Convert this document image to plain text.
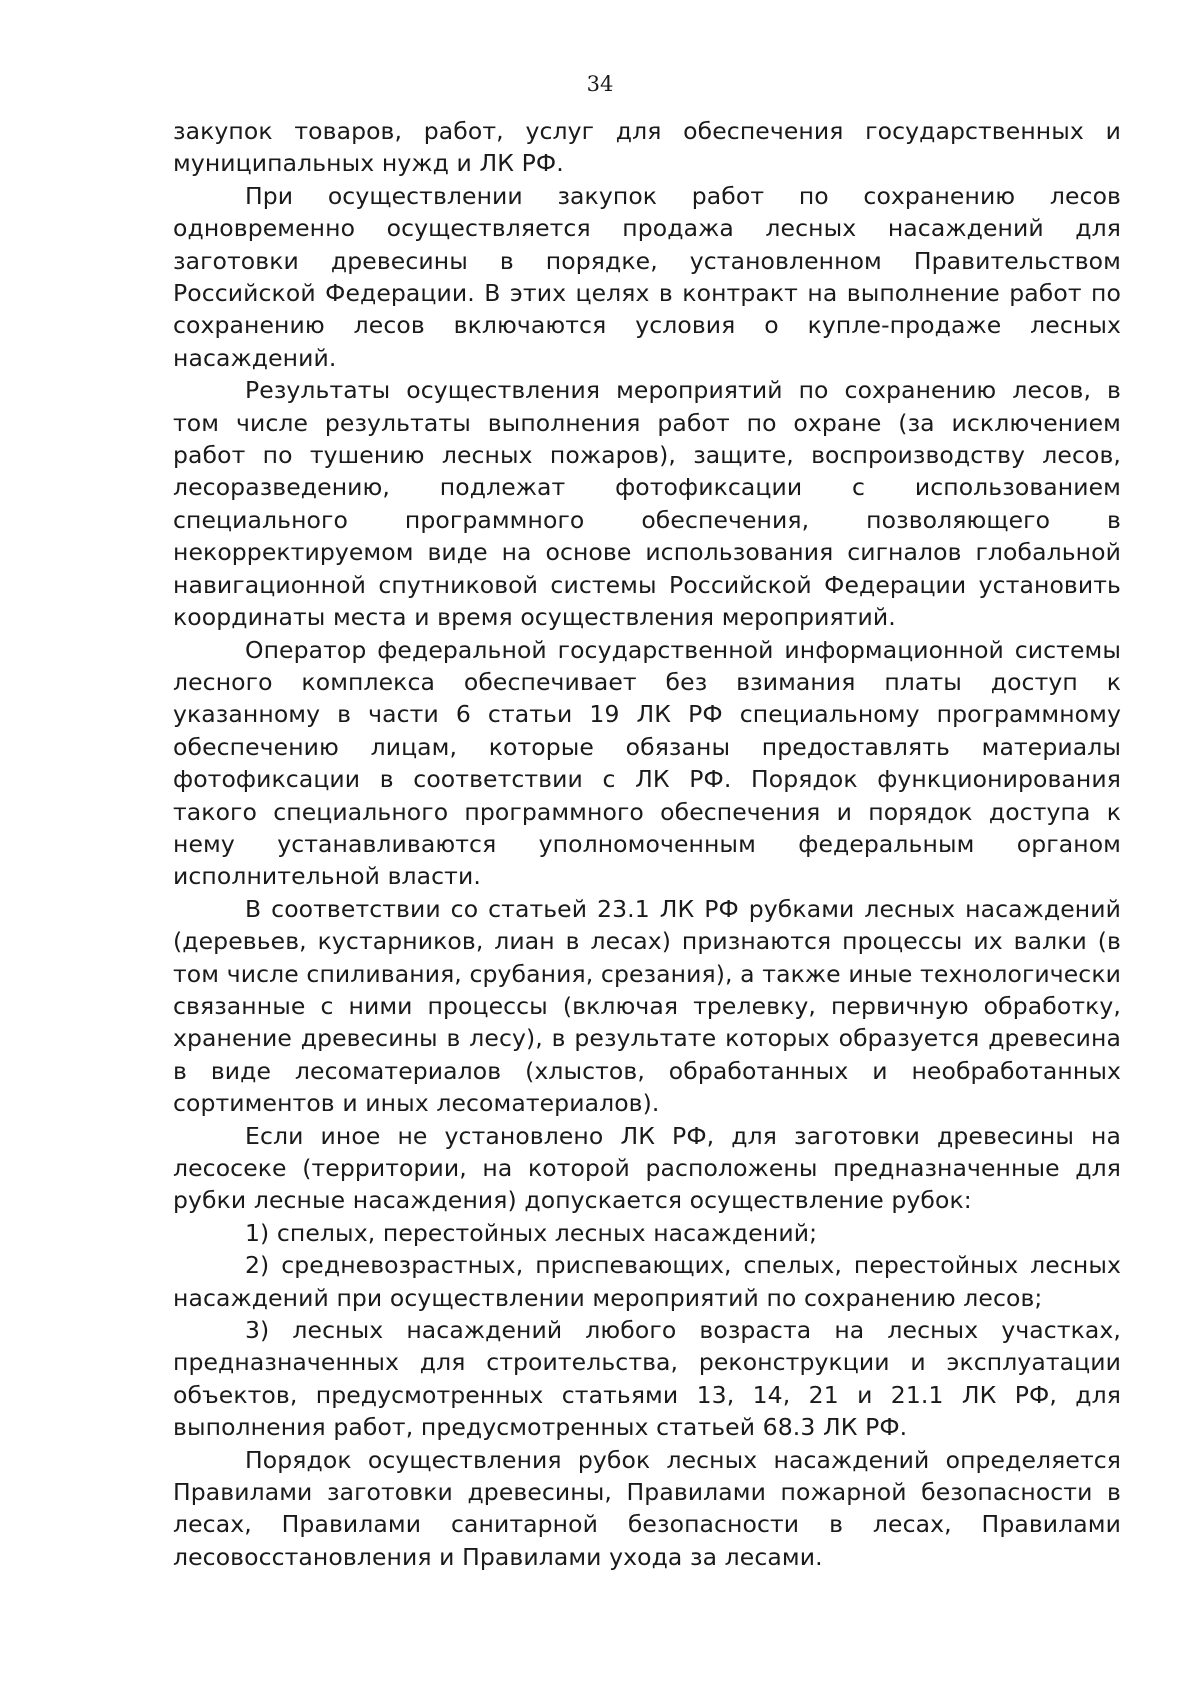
34

закупок товаров, работ, услуг для обеспечения государственных и муниципальных нужд и ЛК РФ.

При осуществлении закупок работ по сохранению лесов одновременно осуществляется продажа лесных насаждений для заготовки древесины в порядке, установленном Правительством Российской Федерации. В этих целях в контракт на выполнение работ по сохранению лесов включаются условия о купле-продаже лесных насаждений.

Результаты осуществления мероприятий по сохранению лесов, в том числе результаты выполнения работ по охране (за исключением работ по тушению лесных пожаров), защите, воспроизводству лесов, лесоразведению, подлежат фотофиксации с использованием специального программного обеспечения, позволяющего в некорректируемом виде на основе использования сигналов глобальной навигационной спутниковой системы Российской Федерации установить координаты места и время осуществления мероприятий.

Оператор федеральной государственной информационной системы лесного комплекса обеспечивает без взимания платы доступ к указанному в части 6 статьи 19 ЛК РФ специальному программному обеспечению лицам, которые обязаны предоставлять материалы фотофиксации в соответствии с ЛК РФ. Порядок функционирования такого специального программного обеспечения и порядок доступа к нему устанавливаются уполномоченным федеральным органом исполнительной власти.

В соответствии со статьей 23.1 ЛК РФ рубками лесных насаждений (деревьев, кустарников, лиан в лесах) признаются процессы их валки (в том числе спиливания, срубания, срезания), а также иные технологически связанные с ними процессы (включая трелевку, первичную обработку, хранение древесины в лесу), в результате которых образуется древесина в виде лесоматериалов (хлыстов, обработанных и необработанных сортиментов и иных лесоматериалов).

Если иное не установлено ЛК РФ, для заготовки древесины на лесосеке (территории, на которой расположены предназначенные для рубки лесные насаждения) допускается осуществление рубок:

1) спелых, перестойных лесных насаждений;

2) средневозрастных, приспевающих, спелых, перестойных лесных насаждений при осуществлении мероприятий по сохранению лесов;

3) лесных насаждений любого возраста на лесных участках, предназначенных для строительства, реконструкции и эксплуатации объектов, предусмотренных статьями 13, 14, 21 и 21.1 ЛК РФ, для выполнения работ, предусмотренных статьей 68.3 ЛК РФ.

Порядок осуществления рубок лесных насаждений определяется Правилами заготовки древесины, Правилами пожарной безопасности в лесах, Правилами санитарной безопасности в лесах, Правилами лесовосстановления и Правилами ухода за лесами.
